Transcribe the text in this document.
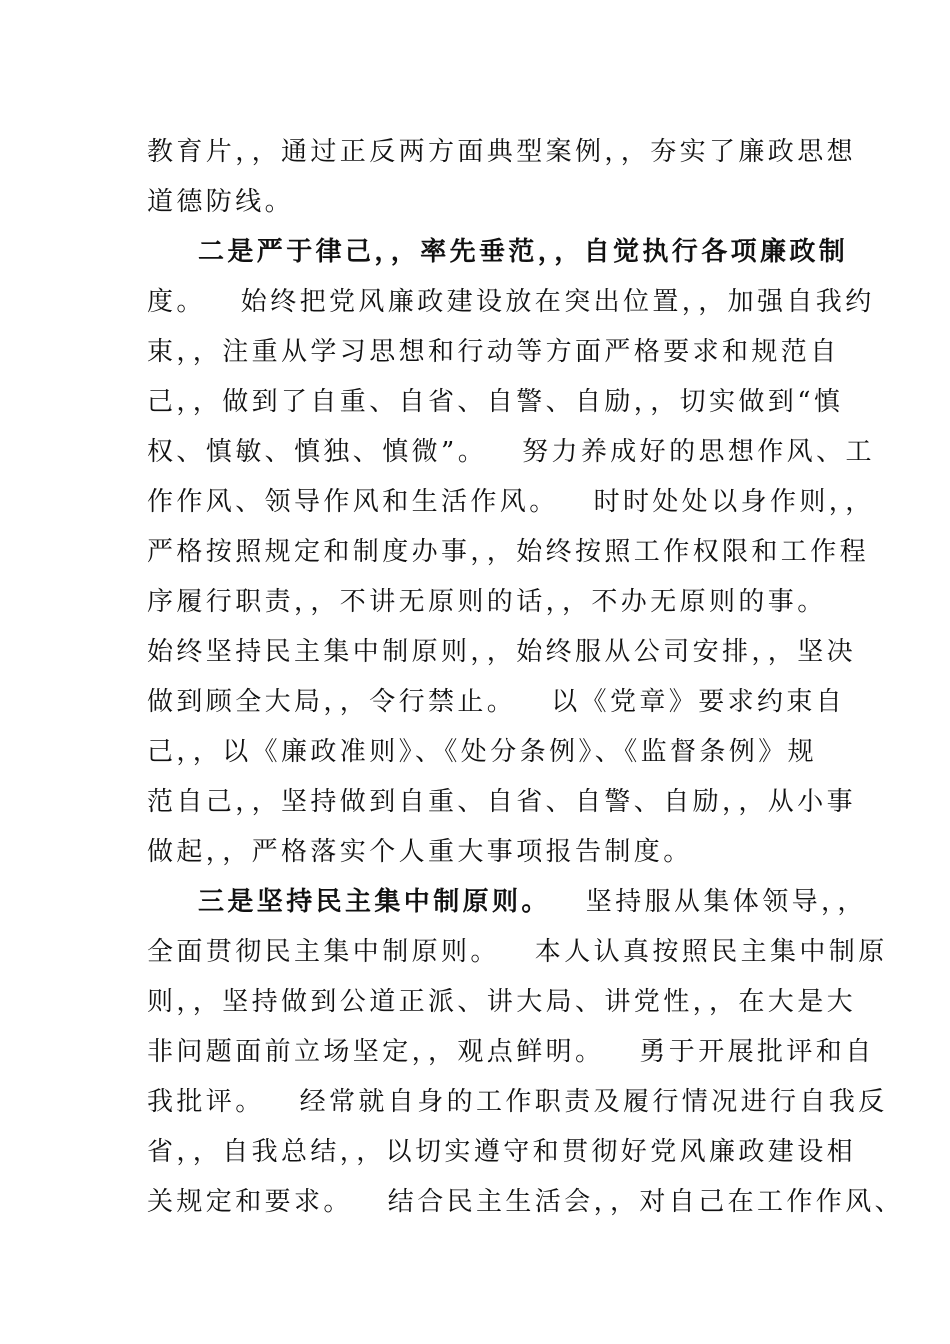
教育片，，通过正反两方面典型案例，，夯实了廉政思想
道德防线。
二是严于律己，，率先垂范，，自觉执行各项廉政制
度。   始终把党风廉政建设放在突出位置，，加强自我约
束，，注重从学习思想和行动等方面严格要求和规范自
己，，做到了自重、自省、自警、自励，，切实做到“慎
权、慎敏、慎独、慎微”。   努力养成好的思想作风、工
作作风、领导作风和生活作风。   时时处处以身作则，，
严格按照规定和制度办事，，始终按照工作权限和工作程
序履行职责，，不讲无原则的话，，不办无原则的事。
始终坚持民主集中制原则，，始终服从公司安排，，坚决
做到顾全大局，，令行禁止。   以《党章》要求约束自
己，，以《廉政准则》、《处分条例》、《监督条例》规
范自己，，坚持做到自重、自省、自警、自励，，从小事
做起，，严格落实个人重大事项报告制度。
三是坚持民主集中制原则。   坚持服从集体领导，，
全面贯彻民主集中制原则。   本人认真按照民主集中制原
则，，坚持做到公道正派、讲大局、讲党性，，在大是大
非问题面前立场坚定，，观点鲜明。   勇于开展批评和自
我批评。   经常就自身的工作职责及履行情况进行自我反
省，，自我总结，，以切实遵守和贯彻好党风廉政建设相
关规定和要求。   结合民主生活会，，对自己在工作作风、
